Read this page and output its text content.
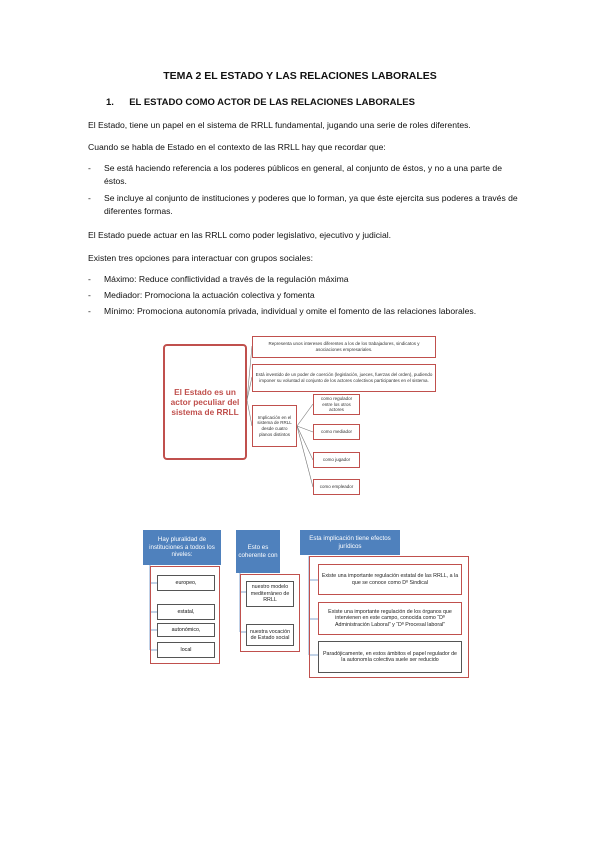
TEMA 2 EL ESTADO Y LAS RELACIONES LABORALES
1. EL ESTADO COMO ACTOR DE LAS RELACIONES LABORALES
El Estado, tiene un papel en el sistema de RRLL fundamental, jugando una serie de roles diferentes.
Cuando se habla de Estado en el contexto de las RRLL hay que recordar que:
- Se está haciendo referencia a los poderes públicos en general, al conjunto de éstos, y no a una parte de éstos.
- Se incluye al conjunto de instituciones y poderes que lo forman, ya que éste ejercita sus poderes a través de diferentes formas.
El Estado puede actuar en las RRLL como poder legislativo, ejecutivo y judicial.
Existen tres opciones para interactuar con grupos sociales:
- Máximo: Reduce conflictividad a través de la regulación máxima
- Mediador: Promociona la actuación colectiva y fomenta
- Mínimo: Promociona autonomía privada, individual y omite el fomento de las relaciones laborales.
El Estado es un actor peculiar del sistema de RRLL
Representa unos intereses diferentes a los de los trabajadores, sindicatos y asociaciones empresariales.
Está investido de un poder de coerción (legislación, jueces, fuerzas del orden), pudiendo imponer su voluntad al conjunto de los actores colectivos participantes en el sistema.
Implicación en el sistema de RRLL desde cuatro planos distintos
como regulador entre los otros actores
como mediador
como jugador
como empleador
Hay pluralidad de instituciones a todos los niveles:
europeo,
estatal,
autonómico,
local
Esto es coherente con
nuestro modelo mediterráneo de RRLL
nuestra vocación de Estado social
Esta implicación tiene efectos jurídicos
Existe una importante regulación estatal de las RRLL, a la que se conoce como Dº Sindical
Existe una importante regulación de los órganos que intervienen en este campo, conocida como “Dº Administración Laboral” y “Dº Procesal laboral”
Paradójicamente, en estos ámbitos el papel regulador de la autonomía colectiva suele ser reducido
